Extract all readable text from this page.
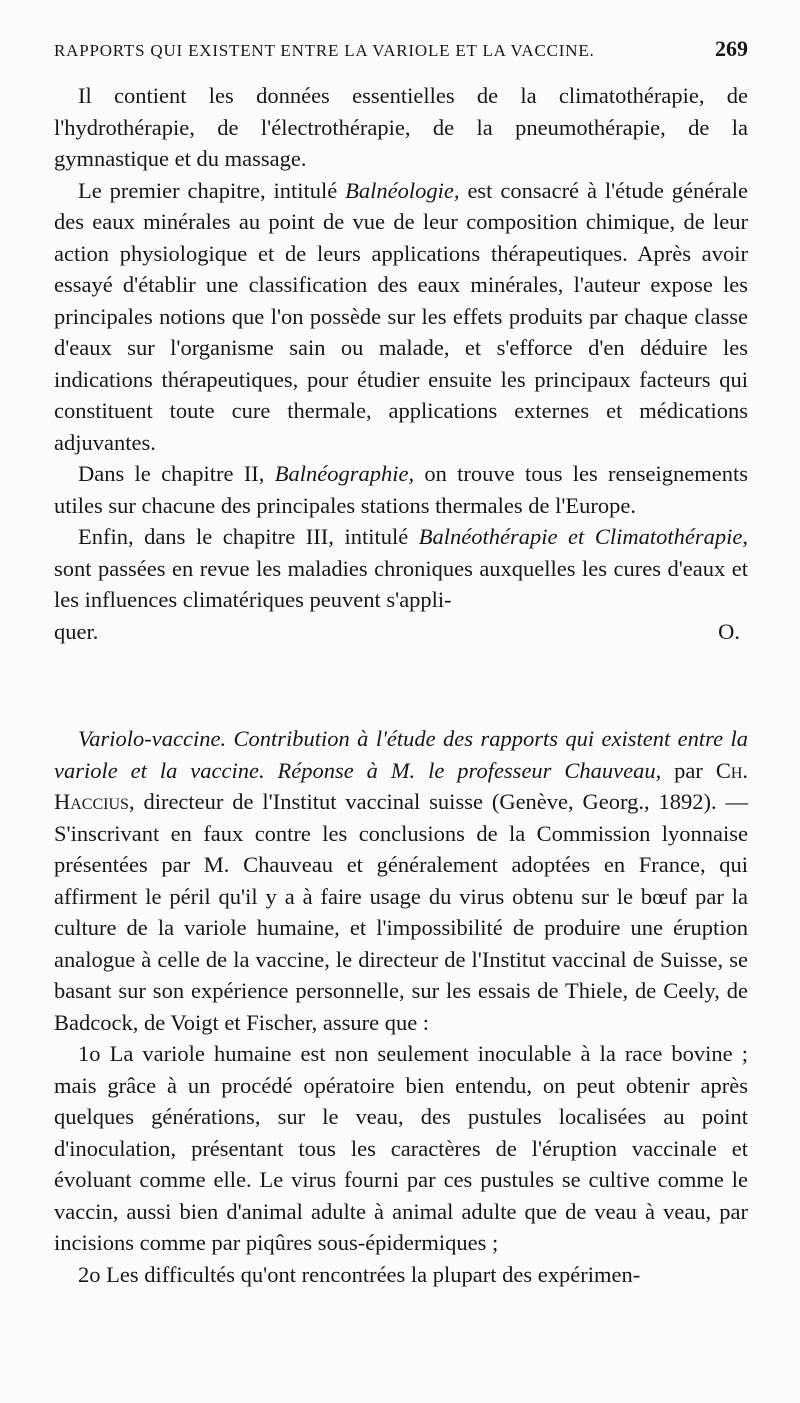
RAPPORTS QUI EXISTENT ENTRE LA VARIOLE ET LA VACCINE.	269

Il contient les données essentielles de la climatothérapie, de l'hydrothérapie, de l'électrothérapie, de la pneumothérapie, de la gymnastique et du massage.

Le premier chapitre, intitulé Balnéologie, est consacré à l'étude générale des eaux minérales au point de vue de leur composition chimique, de leur action physiologique et de leurs applications thérapeutiques. Après avoir essayé d'établir une classification des eaux minérales, l'auteur expose les principales notions que l'on possède sur les effets produits par chaque classe d'eaux sur l'organisme sain ou malade, et s'efforce d'en déduire les indications thérapeutiques, pour étudier ensuite les principaux facteurs qui constituent toute cure thermale, applications externes et médications adjuvantes.

Dans le chapitre II, Balnéographie, on trouve tous les renseignements utiles sur chacune des principales stations thermales de l'Europe.

Enfin, dans le chapitre III, intitulé Balnéothérapie et Climatothérapie, sont passées en revue les maladies chroniques auxquelles les cures d'eaux et les influences climatériques peuvent s'appli-

quer.	O.

Variolo-vaccine. Contribution à l'étude des rapports qui existent entre la variole et la vaccine. Réponse à M. le professeur Chauveau, par Ch. Haccius, directeur de l'Institut vaccinal suisse (Genève, Georg., 1892). — S'inscrivant en faux contre les conclusions de la Commission lyonnaise présentées par M. Chauveau et généralement adoptées en France, qui affirment le péril qu'il y a à faire usage du virus obtenu sur le bœuf par la culture de la variole humaine, et l'impossibilité de produire une éruption analogue à celle de la vaccine, le directeur de l'Institut vaccinal de Suisse, se basant sur son expérience personnelle, sur les essais de Thiele, de Ceely, de Badcock, de Voigt et Fischer, assure que :

1o La variole humaine est non seulement inoculable à la race bovine ; mais grâce à un procédé opératoire bien entendu, on peut obtenir après quelques générations, sur le veau, des pustules localisées au point d'inoculation, présentant tous les caractères de l'éruption vaccinale et évoluant comme elle. Le virus fourni par ces pustules se cultive comme le vaccin, aussi bien d'animal adulte à animal adulte que de veau à veau, par incisions comme par piqûres sous-épidermiques ;

2o Les difficultés qu'ont rencontrées la plupart des expérimen-
